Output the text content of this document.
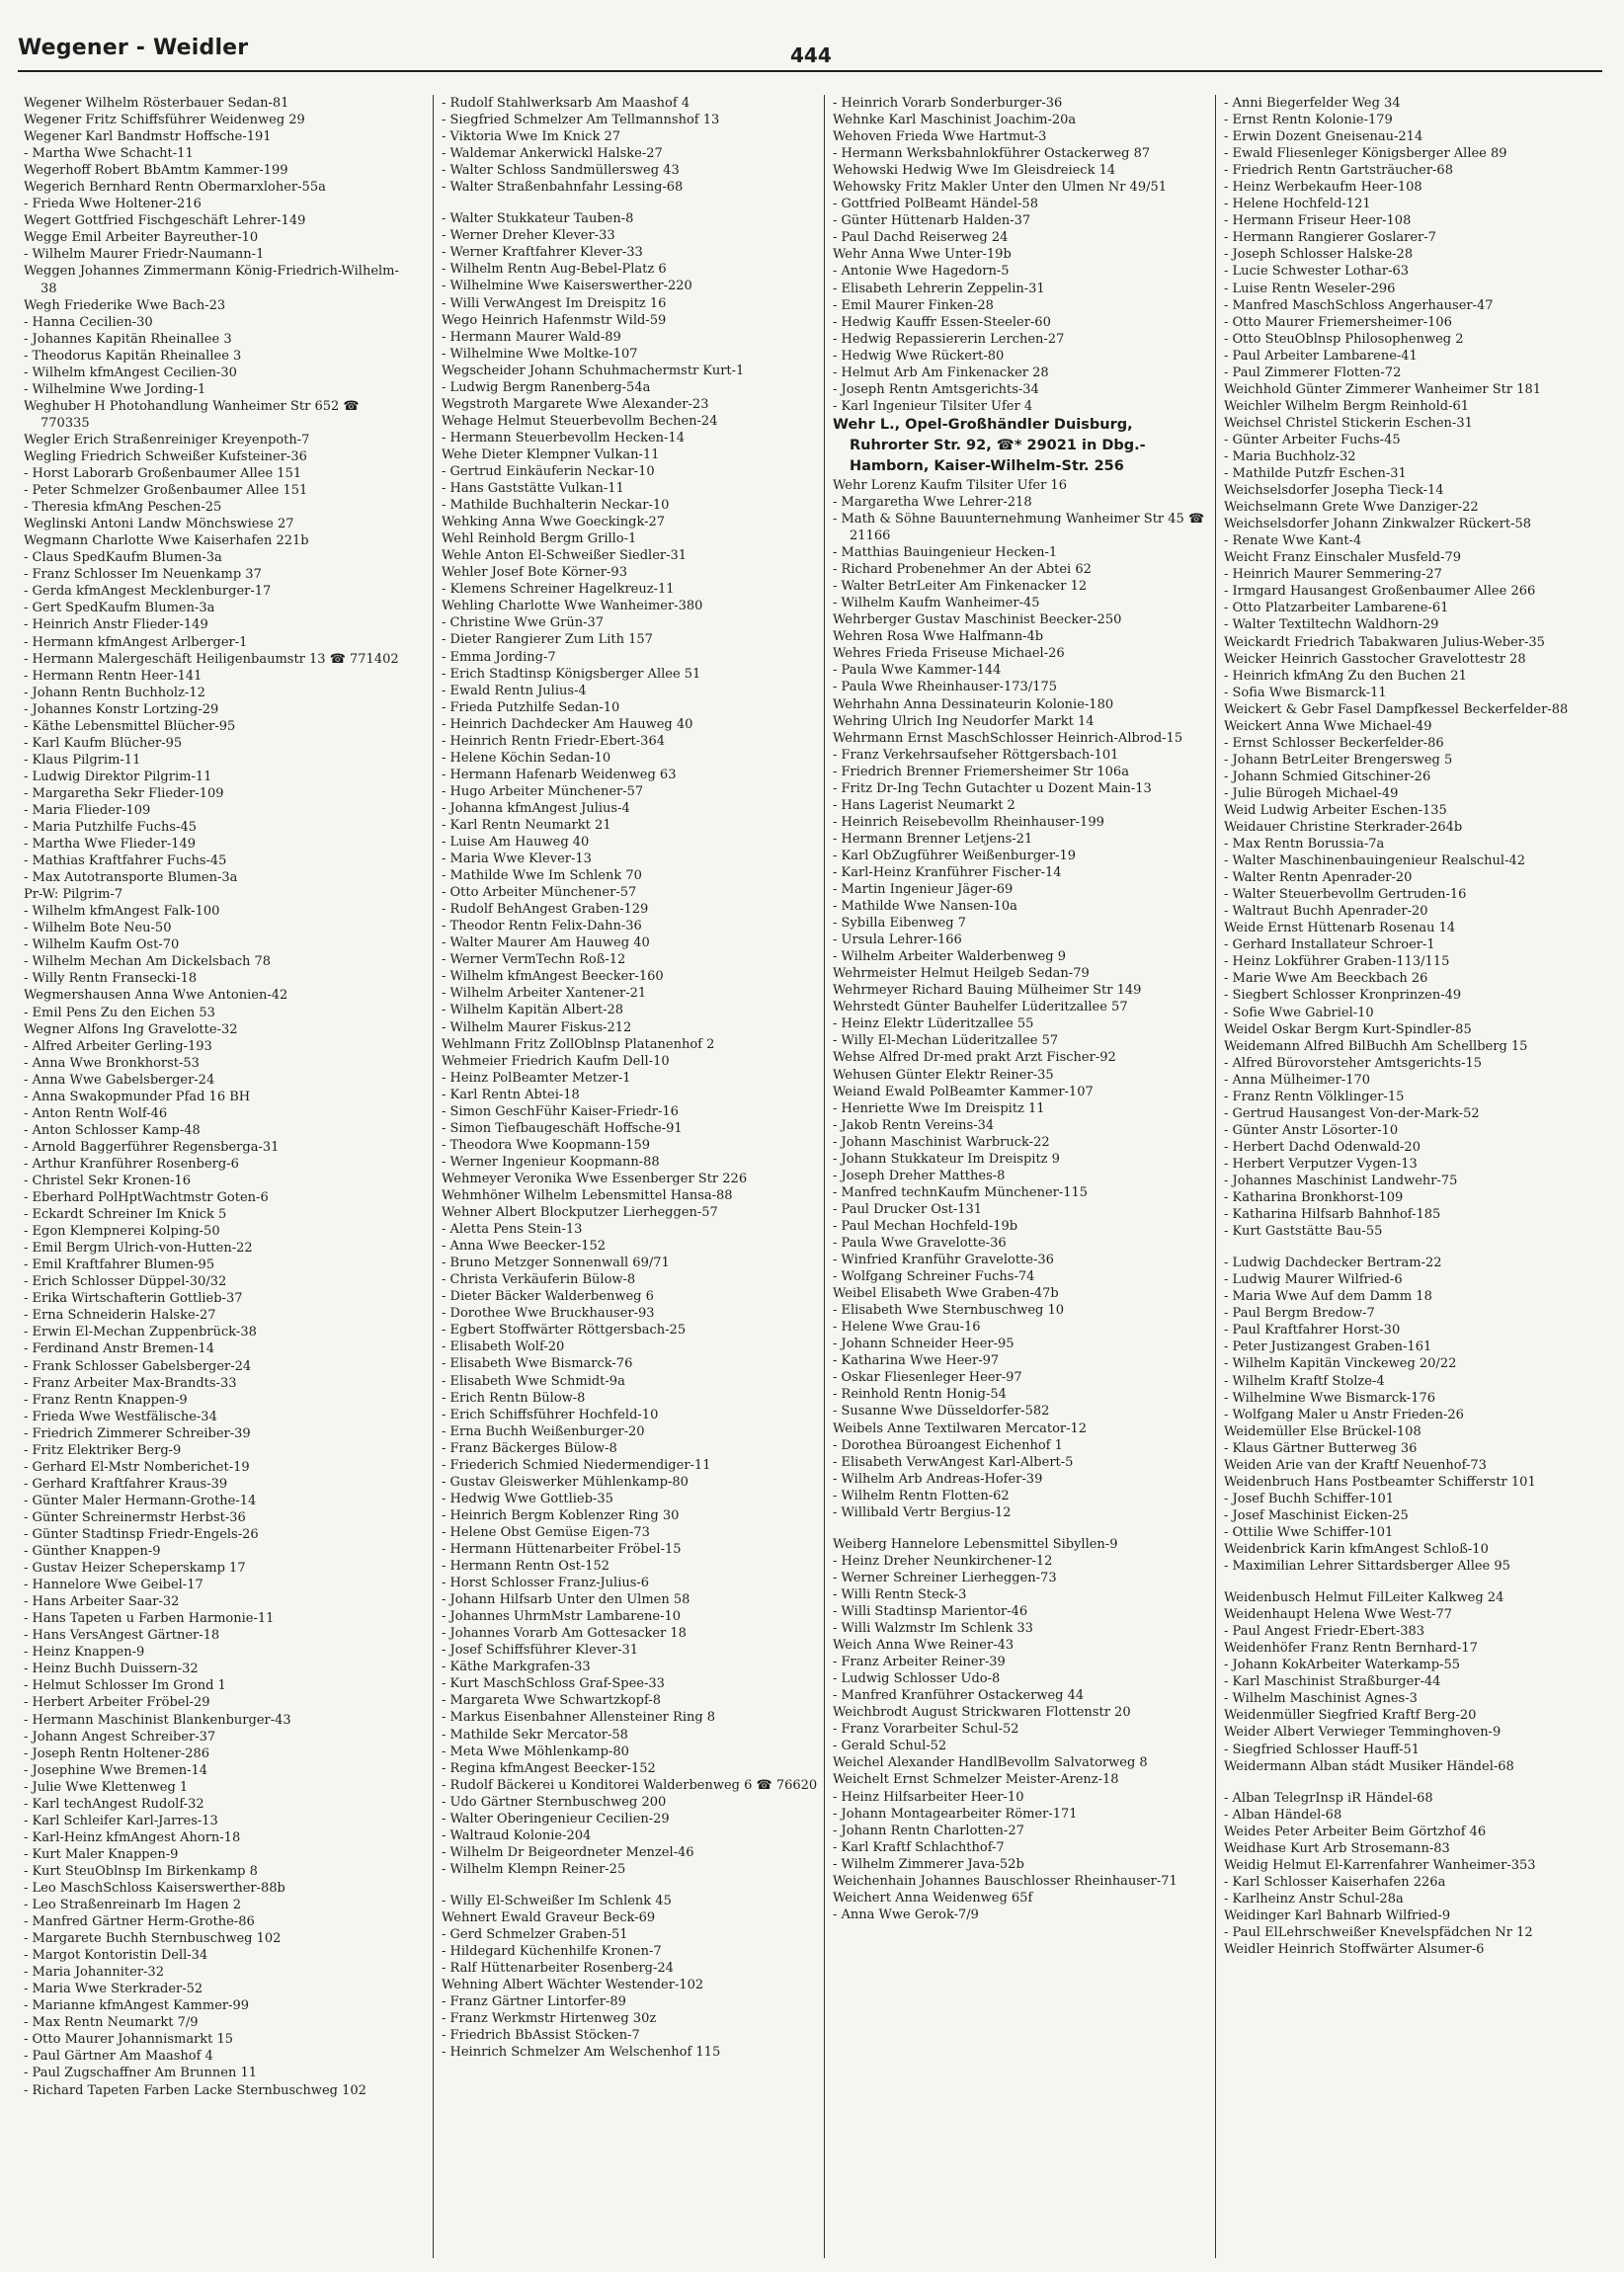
Wegener - Weidler	444

Wegener Wilhelm Rösterbauer Sedan-81

Wegener Fritz Schiffsführer Weidenweg 29

Wegener Karl Bandmstr Hoffsche-191

- Martha Wwe Schacht-11

Wegerhoff Robert BbAmtm Kammer-199

Wegerich Bernhard Rentn Obermarxloher-55a

- Frieda Wwe Holtener-216

Wegert Gottfried Fischgeschäft Lehrer-149

Wegge Emil Arbeiter Bayreuther-10

- Wilhelm Maurer Friedr-Naumann-1

Weggen Johannes Zimmermann König-Friedrich-Wilhelm-38

Wegh Friederike Wwe Bach-23

- Hanna Cecilien-30

- Johannes Kapitän Rheinallee 3

- Theodorus Kapitän Rheinallee 3

- Wilhelm kfmAngest Cecilien-30

- Wilhelmine Wwe Jording-1

Weghuber H Photohandlung Wanheimer Str 652 ☎ 770335

Wegler Erich Straßenreiniger Kreyenpoth-7

Wegling Friedrich Schweißer Kufsteiner-36

- Horst Laborarb Großenbaumer Allee 151

- Peter Schmelzer Großenbaumer Allee 151

- Theresia kfmAng Peschen-25

Weglinski Antoni Landw Mönchswiese 27

Wegmann Charlotte Wwe Kaiserhafen 221b

- Claus SpedKaufm Blumen-3a

- Franz Schlosser Im Neuenkamp 37

- Gerda kfmAngest Mecklenburger-17

- Gert SpedKaufm Blumen-3a

- Heinrich Anstr Flieder-149

- Hermann kfmAngest Arlberger-1

- Hermann Malergeschäft Heiligenbaumstr 13 ☎ 771402

- Hermann Rentn Heer-141

- Johann Rentn Buchholz-12

- Johannes Konstr Lortzing-29

- Käthe Lebensmittel Blücher-95

- Karl Kaufm Blücher-95

- Klaus Pilgrim-11

- Ludwig Direktor Pilgrim-11

- Margaretha Sekr Flieder-109

- Maria Flieder-109

- Maria Putzhilfe Fuchs-45

- Martha Wwe Flieder-149

- Mathias Kraftfahrer Fuchs-45

- Max Autotransporte Blumen-3a

Pr-W: Pilgrim-7

- Wilhelm kfmAngest Falk-100

- Wilhelm Bote Neu-50

- Wilhelm Kaufm Ost-70

- Wilhelm Mechan Am Dickelsbach 78

- Willy Rentn Fransecki-18

Wegmershausen Anna Wwe Antonien-42

- Emil Pens Zu den Eichen 53

Wegner Alfons Ing Gravelotte-32

- Alfred Arbeiter Gerling-193

- Anna Wwe Bronkhorst-53

- Anna Wwe Gabelsberger-24

- Anna Swakopmunder Pfad 16 BH

- Anton Rentn Wolf-46

- Anton Schlosser Kamp-48

- Arnold Baggerführer Regensberga-31

- Arthur Kranführer Rosenberg-6

- Christel Sekr Kronen-16

- Eberhard PolHptWachtmstr Goten-6

- Eckardt Schreiner Im Knick 5

- Egon Klempnerei Kolping-50

- Emil Bergm Ulrich-von-Hutten-22

- Emil Kraftfahrer Blumen-95

- Erich Schlosser Düppel-30/32

- Erika Wirtschafterin Gottlieb-37

- Erna Schneiderin Halske-27

- Erwin El-Mechan Zuppenbrück-38

- Ferdinand Anstr Bremen-14

- Frank Schlosser Gabelsberger-24

- Franz Arbeiter Max-Brandts-33

- Franz Rentn Knappen-9

- Frieda Wwe Westfälische-34

- Friedrich Zimmerer Schreiber-39

- Fritz Elektriker Berg-9

- Gerhard El-Mstr Nomberichet-19

- Gerhard Kraftfahrer Kraus-39

- Günter Maler Hermann-Grothe-14

- Günter Schreinermstr Herbst-36

- Günter Stadtinsp Friedr-Engels-26

- Günther Knappen-9

- Gustav Heizer Scheperskamp 17

- Hannelore Wwe Geibel-17

- Hans Arbeiter Saar-32

- Hans Tapeten u Farben Harmonie-11

- Hans VersAngest Gärtner-18

- Heinz Knappen-9

- Heinz Buchh Duissern-32

- Helmut Schlosser Im Grond 1

- Herbert Arbeiter Fröbel-29

- Hermann Maschinist Blankenburger-43

- Johann Angest Schreiber-37

- Joseph Rentn Holtener-286

- Josephine Wwe Bremen-14

- Julie Wwe Klettenweg 1

- Karl techAngest Rudolf-32

- Karl Schleifer Karl-Jarres-13

- Karl-Heinz kfmAngest Ahorn-18

- Kurt Maler Knappen-9

- Kurt SteuOblnsp Im Birkenkamp 8

- Leo MaschSchloss Kaiserswerther-88b

- Leo Straßenreinarb Im Hagen 2

- Manfred Gärtner Herm-Grothe-86

- Margarete Buchh Sternbuschweg 102

- Margot Kontoristin Dell-34

- Maria Johanniter-32

- Maria Wwe Sterkrader-52

- Marianne kfmAngest Kammer-99

- Max Rentn Neumarkt 7/9

- Otto Maurer Johannismarkt 15

- Paul Gärtner Am Maashof 4

- Paul Zugschaffner Am Brunnen 11

- Richard Tapeten Farben Lacke Sternbuschweg 102

- Rudolf Stahlwerksarb Am Maashof 4

- Siegfried Schmelzer Am Tellmannshof 13

- Viktoria Wwe Im Knick 27

- Waldemar Ankerwickl Halske-27

- Walter Schloss Sandmüllersweg 43

- Walter Straßenbahnfahr Lessing-68

- Walter Stukkateur Tauben-8

- Werner Dreher Klever-33

- Werner Kraftfahrer Klever-33

- Wilhelm Rentn Aug-Bebel-Platz 6

- Wilhelmine Wwe Kaiserswerther-220

- Willi VerwAngest Im Dreispitz 16

Wego Heinrich Hafenmstr Wild-59

- Hermann Maurer Wald-89

- Wilhelmine Wwe Moltke-107

Wegscheider Johann Schuhmachermstr Kurt-1

- Ludwig Bergm Ranenberg-54a

Wegstroth Margarete Wwe Alexander-23

Wehage Helmut Steuerbevollm Bechen-24

- Hermann Steuerbevollm Hecken-14

Wehe Dieter Klempner Vulkan-11

- Gertrud Einkäuferin Neckar-10

- Hans Gaststätte Vulkan-11

- Mathilde Buchhalterin Neckar-10

Wehking Anna Wwe Goeckingk-27

Wehl Reinhold Bergm Grillo-1

Wehle Anton El-Schweißer Siedler-31

Wehler Josef Bote Körner-93

- Klemens Schreiner Hagelkreuz-11

Wehling Charlotte Wwe Wanheimer-380

- Christine Wwe Grün-37

- Dieter Rangierer Zum Lith 157

- Emma Jording-7

- Erich Stadtinsp Königsberger Allee 51

- Ewald Rentn Julius-4

- Frieda Putzhilfe Sedan-10

- Heinrich Dachdecker Am Hauweg 40

- Heinrich Rentn Friedr-Ebert-364

- Helene Köchin Sedan-10

- Hermann Hafenarb Weidenweg 63

- Hugo Arbeiter Münchener-57

- Johanna kfmAngest Julius-4

- Karl Rentn Neumarkt 21

- Luise Am Hauweg 40

- Maria Wwe Klever-13

- Mathilde Wwe Im Schlenk 70

- Otto Arbeiter Münchener-57

- Rudolf BehAngest Graben-129

- Theodor Rentn Felix-Dahn-36

- Walter Maurer Am Hauweg 40

- Werner VermTechn Roß-12

- Wilhelm kfmAngest Beecker-160

- Wilhelm Arbeiter Xantener-21

- Wilhelm Kapitän Albert-28

- Wilhelm Maurer Fiskus-212

Wehlmann Fritz ZollOblnsp Platanenhof 2

Wehmeier Friedrich Kaufm Dell-10

- Heinz PolBeamter Metzer-1

- Karl Rentn Abtei-18

- Simon GeschFühr Kaiser-Friedr-16

- Simon Tiefbaugeschäft Hoffsche-91

- Theodora Wwe Koopmann-159

- Werner Ingenieur Koopmann-88

Wehmeyer Veronika Wwe Essenberger Str 226

Wehmhöner Wilhelm Lebensmittel Hansa-88

Wehner Albert Blockputzer Lierheggen-57

- Aletta Pens Stein-13

- Anna Wwe Beecker-152

- Bruno Metzger Sonnenwall 69/71

- Christa Verkäuferin Bülow-8

- Dieter Bäcker Walderbenweg 6

- Dorothee Wwe Bruckhauser-93

- Egbert Stoffwärter Röttgersbach-25

- Elisabeth Wolf-20

- Elisabeth Wwe Bismarck-76

- Elisabeth Wwe Schmidt-9a

- Erich Rentn Bülow-8

- Erich Schiffsführer Hochfeld-10

- Erna Buchh Weißenburger-20

- Franz Bäckerges Bülow-8

- Friederich Schmied Niedermendiger-11

- Gustav Gleiswerker Mühlenkamp-80

- Hedwig Wwe Gottlieb-35

- Heinrich Bergm Koblenzer Ring 30

- Helene Obst Gemüse Eigen-73

- Hermann Hüttenarbeiter Fröbel-15

- Hermann Rentn Ost-152

- Horst Schlosser Franz-Julius-6

- Johann Hilfsarb Unter den Ulmen 58

- Johannes UhrmMstr Lambarene-10

- Johannes Vorarb Am Gottesacker 18

- Josef Schiffsführer Klever-31

- Käthe Markgrafen-33

- Kurt MaschSchloss Graf-Spee-33

- Margareta Wwe Schwartzkopf-8

- Markus Eisenbahner Allensteiner Ring 8

- Mathilde Sekr Mercator-58

- Meta Wwe Möhlenkamp-80

- Regina kfmAngest Beecker-152

- Rudolf Bäckerei u Konditorei Walderbenweg 6 ☎ 76620

- Udo Gärtner Sternbuschweg 200

- Walter Oberingenieur Cecilien-29

- Waltraud Kolonie-204

- Wilhelm Dr Beigeordneter Menzel-46

- Wilhelm Klempn Reiner-25

- Willy El-Schweißer Im Schlenk 45

Wehnert Ewald Graveur Beck-69

- Gerd Schmelzer Graben-51

- Hildegard Küchenhilfe Kronen-7

- Ralf Hüttenarbeiter Rosenberg-24

Wehning Albert Wächter Westender-102

- Franz Gärtner Lintorfer-89

- Franz Werkmstr Hirtenweg 30z

- Friedrich BbAssist Stöcken-7

- Heinrich Schmelzer Am Welschenhof 115

- Heinrich Vorarb Sonderburger-36

Wehnke Karl Maschinist Joachim-20a

Wehoven Frieda Wwe Hartmut-3

- Hermann Werksbahnlokführer Ostackerweg 87

Wehowski Hedwig Wwe Im Gleisdreieck 14

Wehowsky Fritz Makler Unter den Ulmen Nr 49/51

- Gottfried PolBeamt Händel-58

- Günter Hüttenarb Halden-37

- Paul Dachd Reiserweg 24

Wehr Anna Wwe Unter-19b

- Antonie Wwe Hagedorn-5

- Elisabeth Lehrerin Zeppelin-31

- Emil Maurer Finken-28

- Hedwig Kauffr Essen-Steeler-60

- Hedwig Repassiererin Lerchen-27

- Hedwig Wwe Rückert-80

- Helmut Arb Am Finkenacker 28

- Joseph Rentn Amtsgerichts-34

- Karl Ingenieur Tilsiter Ufer 4

Wehr L., Opel-Großhändler Duisburg, Ruhrorter Str. 92, ☎* 29021 in Dbg.-Hamborn, Kaiser-Wilhelm-Str. 256

Wehr Lorenz Kaufm Tilsiter Ufer 16

- Margaretha Wwe Lehrer-218

- Math & Söhne Bauunternehmung Wanheimer Str 45 ☎ 21166

- Matthias Bauingenieur Hecken-1

- Richard Probenehmer An der Abtei 62

- Walter BetrLeiter Am Finkenacker 12

- Wilhelm Kaufm Wanheimer-45

Wehrberger Gustav Maschinist Beecker-250

Wehren Rosa Wwe Halfmann-4b

Wehres Frieda Friseuse Michael-26

- Paula Wwe Kammer-144

- Paula Wwe Rheinhauser-173/175

Wehrhahn Anna Dessinateurin Kolonie-180

Wehring Ulrich Ing Neudorfer Markt 14

Wehrmann Ernst MaschSchlosser Heinrich-Albrod-15

- Franz Verkehrsaufseher Röttgersbach-101

- Friedrich Brenner Friemersheimer Str 106a

- Fritz Dr-Ing Techn Gutachter u Dozent Main-13

- Hans Lagerist Neumarkt 2

- Heinrich Reisebevollm Rheinhauser-199

- Hermann Brenner Letjens-21

- Karl ObZugführer Weißenburger-19

- Karl-Heinz Kranführer Fischer-14

- Martin Ingenieur Jäger-69

- Mathilde Wwe Nansen-10a

- Sybilla Eibenweg 7

- Ursula Lehrer-166

- Wilhelm Arbeiter Walderbenweg 9

Wehrmeister Helmut Heilgeb Sedan-79

Wehrmeyer Richard Bauing Mülheimer Str 149

Wehrstedt Günter Bauhelfer Lüderitzallee 57

- Heinz Elektr Lüderitzallee 55

- Willy El-Mechan Lüderitzallee 57

Wehse Alfred Dr-med prakt Arzt Fischer-92

Wehusen Günter Elektr Reiner-35

Weiand Ewald PolBeamter Kammer-107

- Henriette Wwe Im Dreispitz 11

- Jakob Rentn Vereins-34

- Johann Maschinist Warbruck-22

- Johann Stukkateur Im Dreispitz 9

- Joseph Dreher Matthes-8

- Manfred technKaufm Münchener-115

- Paul Drucker Ost-131

- Paul Mechan Hochfeld-19b

- Paula Wwe Gravelotte-36

- Winfried Kranführ Gravelotte-36

- Wolfgang Schreiner Fuchs-74

Weibel Elisabeth Wwe Graben-47b

- Elisabeth Wwe Sternbuschweg 10

- Helene Wwe Grau-16

- Johann Schneider Heer-95

- Katharina Wwe Heer-97

- Oskar Fliesenleger Heer-97

- Reinhold Rentn Honig-54

- Susanne Wwe Düsseldorfer-582

Weibels Anne Textilwaren Mercator-12

- Dorothea Büroangest Eichenhof 1

- Elisabeth VerwAngest Karl-Albert-5

- Wilhelm Arb Andreas-Hofer-39

- Wilhelm Rentn Flotten-62

- Willibald Vertr Bergius-12

Weiberg Hannelore Lebensmittel Sibyllen-9

- Heinz Dreher Neunkirchener-12

- Werner Schreiner Lierheggen-73

- Willi Rentn Steck-3

- Willi Stadtinsp Marientor-46

- Willi Walzmstr Im Schlenk 33

Weich Anna Wwe Reiner-43

- Franz Arbeiter Reiner-39

- Ludwig Schlosser Udo-8

- Manfred Kranführer Ostackerweg 44

Weichbrodt August Strickwaren Flottenstr 20

- Franz Vorarbeiter Schul-52

- Gerald Schul-52

Weichel Alexander HandlBevollm Salvatorweg 8

Weichelt Ernst Schmelzer Meister-Arenz-18

- Heinz Hilfsarbeiter Heer-10

- Johann Montagearbeiter Römer-171

- Johann Rentn Charlotten-27

- Karl Kraftf Schlachthof-7

- Wilhelm Zimmerer Java-52b

Weichenhain Johannes Bauschlosser Rheinhauser-71

Weichert Anna Weidenweg 65f

- Anna Wwe Gerok-7/9

- Anni Biegerfelder Weg 34

- Ernst Rentn Kolonie-179

- Erwin Dozent Gneisenau-214

- Ewald Fliesenleger Königsberger Allee 89

- Friedrich Rentn Gartsträucher-68

- Heinz Werbekaufm Heer-108

- Helene Hochfeld-121

- Hermann Friseur Heer-108

- Hermann Rangierer Goslarer-7

- Joseph Schlosser Halske-28

- Lucie Schwester Lothar-63

- Luise Rentn Weseler-296

- Manfred MaschSchloss Angerhauser-47

- Otto Maurer Friemersheimer-106

- Otto SteuOblnsp Philosophenweg 2

- Paul Arbeiter Lambarene-41

- Paul Zimmerer Flotten-72

Weichhold Günter Zimmerer Wanheimer Str 181

Weichler Wilhelm Bergm Reinhold-61

Weichsel Christel Stickerin Eschen-31

- Günter Arbeiter Fuchs-45

- Maria Buchholz-32

- Mathilde Putzfr Eschen-31

Weichselsdorfer Josepha Tieck-14

Weichselmann Grete Wwe Danziger-22

Weichselsdorfer Johann Zinkwalzer Rückert-58

- Renate Wwe Kant-4

Weicht Franz Einschaler Musfeld-79

- Heinrich Maurer Semmering-27

- Irmgard Hausangest Großenbaumer Allee 266

- Otto Platzarbeiter Lambarene-61

- Walter Textiltechn Waldhorn-29

Weickardt Friedrich Tabakwaren Julius-Weber-35

Weicker Heinrich Gasstocher Gravelottestr 28

- Heinrich kfmAng Zu den Buchen 21

- Sofia Wwe Bismarck-11

Weickert & Gebr Fasel Dampfkessel Beckerfelder-88

Weickert Anna Wwe Michael-49

- Ernst Schlosser Beckerfelder-86

- Johann BetrLeiter Brengersweg 5

- Johann Schmied Gitschiner-26

- Julie Bürogeh Michael-49

Weid Ludwig Arbeiter Eschen-135

Weidauer Christine Sterkrader-264b

- Max Rentn Borussia-7a

- Walter Maschinenbauingenieur Realschul-42

- Walter Rentn Apenrader-20

- Walter Steuerbevollm Gertruden-16

- Waltraut Buchh Apenrader-20

Weide Ernst Hüttenarb Rosenau 14

- Gerhard Installateur Schroer-1

- Heinz Lokführer Graben-113/115

- Marie Wwe Am Beeckbach 26

- Siegbert Schlosser Kronprinzen-49

- Sofie Wwe Gabriel-10

Weidel Oskar Bergm Kurt-Spindler-85

Weidemann Alfred BilBuchh Am Schellberg 15

- Alfred Bürovorsteher Amtsgerichts-15

- Anna Mülheimer-170

- Franz Rentn Völklinger-15

- Gertrud Hausangest Von-der-Mark-52

- Günter Anstr Lösorter-10

- Herbert Dachd Odenwald-20

- Herbert Verputzer Vygen-13

- Johannes Maschinist Landwehr-75

- Katharina Bronkhorst-109

- Katharina Hilfsarb Bahnhof-185

- Kurt Gaststätte Bau-55

- Ludwig Dachdecker Bertram-22

- Ludwig Maurer Wilfried-6

- Maria Wwe Auf dem Damm 18

- Paul Bergm Bredow-7

- Paul Kraftfahrer Horst-30

- Peter Justizangest Graben-161

- Wilhelm Kapitän Vinckeweg 20/22

- Wilhelm Kraftf Stolze-4

- Wilhelmine Wwe Bismarck-176

- Wolfgang Maler u Anstr Frieden-26

Weidemüller Else Brückel-108

- Klaus Gärtner Butterweg 36

Weiden Arie van der Kraftf Neuenhof-73

Weidenbruch Hans Postbeamter Schifferstr 101

- Josef Buchh Schiffer-101

- Josef Maschinist Eicken-25

- Ottilie Wwe Schiffer-101

Weidenbrick Karin kfmAngest Schloß-10

- Maximilian Lehrer Sittardsberger Allee 95

Weidenbusch Helmut FilLeiter Kalkweg 24

Weidenhaupt Helena Wwe West-77

- Paul Angest Friedr-Ebert-383

Weidenhöfer Franz Rentn Bernhard-17

- Johann KokArbeiter Waterkamp-55

- Karl Maschinist Straßburger-44

- Wilhelm Maschinist Agnes-3

Weidenmüller Siegfried Kraftf Berg-20

Weider Albert Verwieger Temminghoven-9

- Siegfried Schlosser Hauff-51

Weidermann Alban stádt Musiker Händel-68

- Alban TelegrInsp iR Händel-68

- Alban Händel-68

Weides Peter Arbeiter Beim Görtzhof 46

Weidhase Kurt Arb Strosemann-83

Weidig Helmut El-Karrenfahrer Wanheimer-353

- Karl Schlosser Kaiserhafen 226a

- Karlheinz Anstr Schul-28a

Weidinger Karl Bahnarb Wilfried-9

- Paul ElLehrschweißer Knevelspfädchen Nr 12

Weidler Heinrich Stoffwärter Alsumer-6
